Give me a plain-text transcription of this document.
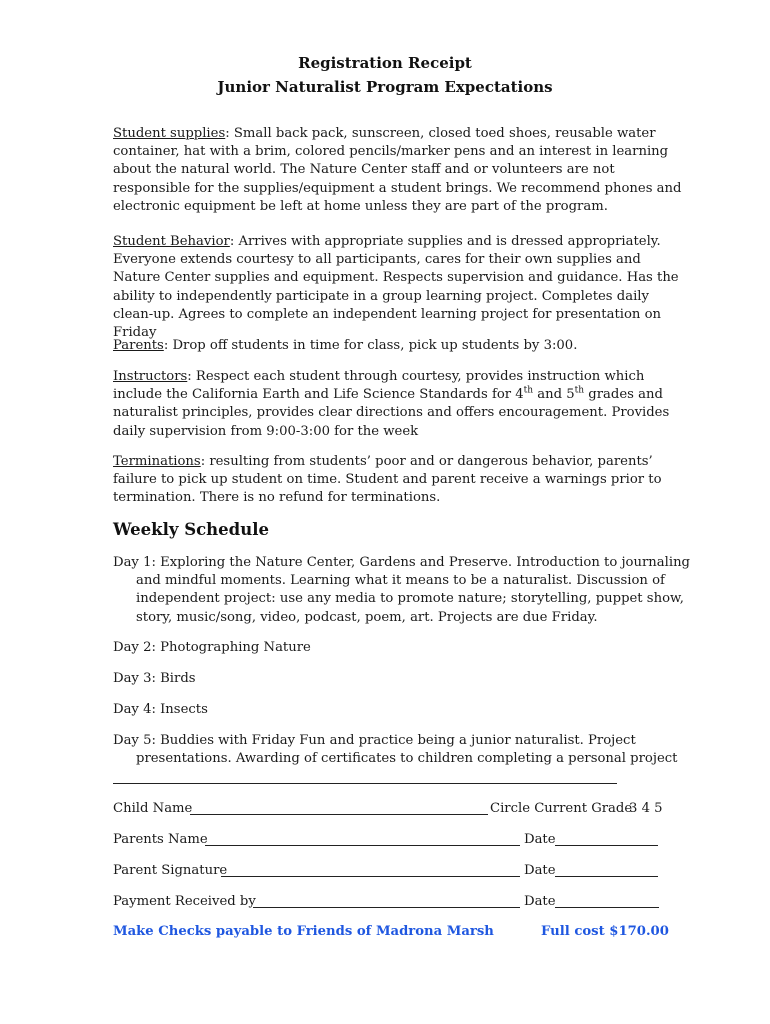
Registration Receipt
Junior Naturalist Program Expectations

Student supplies: Small back pack, sunscreen, closed toed shoes, reusable water container, hat with a brim, colored pencils/marker pens and an interest in learning about the natural world. The Nature Center staff and or volunteers are not responsible for the supplies/equipment a student brings. We recommend phones and electronic equipment be left at home unless they are part of the program.

Student Behavior: Arrives with appropriate supplies and is dressed appropriately. Everyone extends courtesy to all participants, cares for their own supplies and Nature Center supplies and equipment. Respects supervision and guidance. Has the ability to independently participate in a group learning project. Completes daily clean-up. Agrees to complete an independent learning project for presentation on Friday

Parents: Drop off students in time for class, pick up students by 3:00.

Instructors: Respect each student through courtesy, provides instruction which include the California Earth and Life Science Standards for 4th and 5th grades and naturalist principles, provides clear directions and offers encouragement. Provides daily supervision from 9:00-3:00 for the week

Terminations: resulting from students’ poor and or dangerous behavior, parents’ failure to pick up student on time. Student and parent receive a warnings prior to termination. There is no refund for terminations.

Weekly Schedule

Day 1: Exploring the Nature Center, Gardens and Preserve. Introduction to journaling and mindful moments. Learning what it means to be a naturalist. Discussion of independent project: use any media to promote nature; storytelling, puppet show, story, music/song, video, podcast, poem, art. Projects are due Friday.

Day 2: Photographing Nature

Day 3: Birds

Day 4: Insects

Day 5: Buddies with Friday Fun and practice being a junior naturalist. Project presentations. Awarding of certificates to children completing a personal project

Child Name	Circle Current Grade
3 4 5
Parents Name	Date
Parent Signature	Date
Payment Received by	Date
Make Checks payable to Friends of Madrona Marsh	Full cost $170.00
